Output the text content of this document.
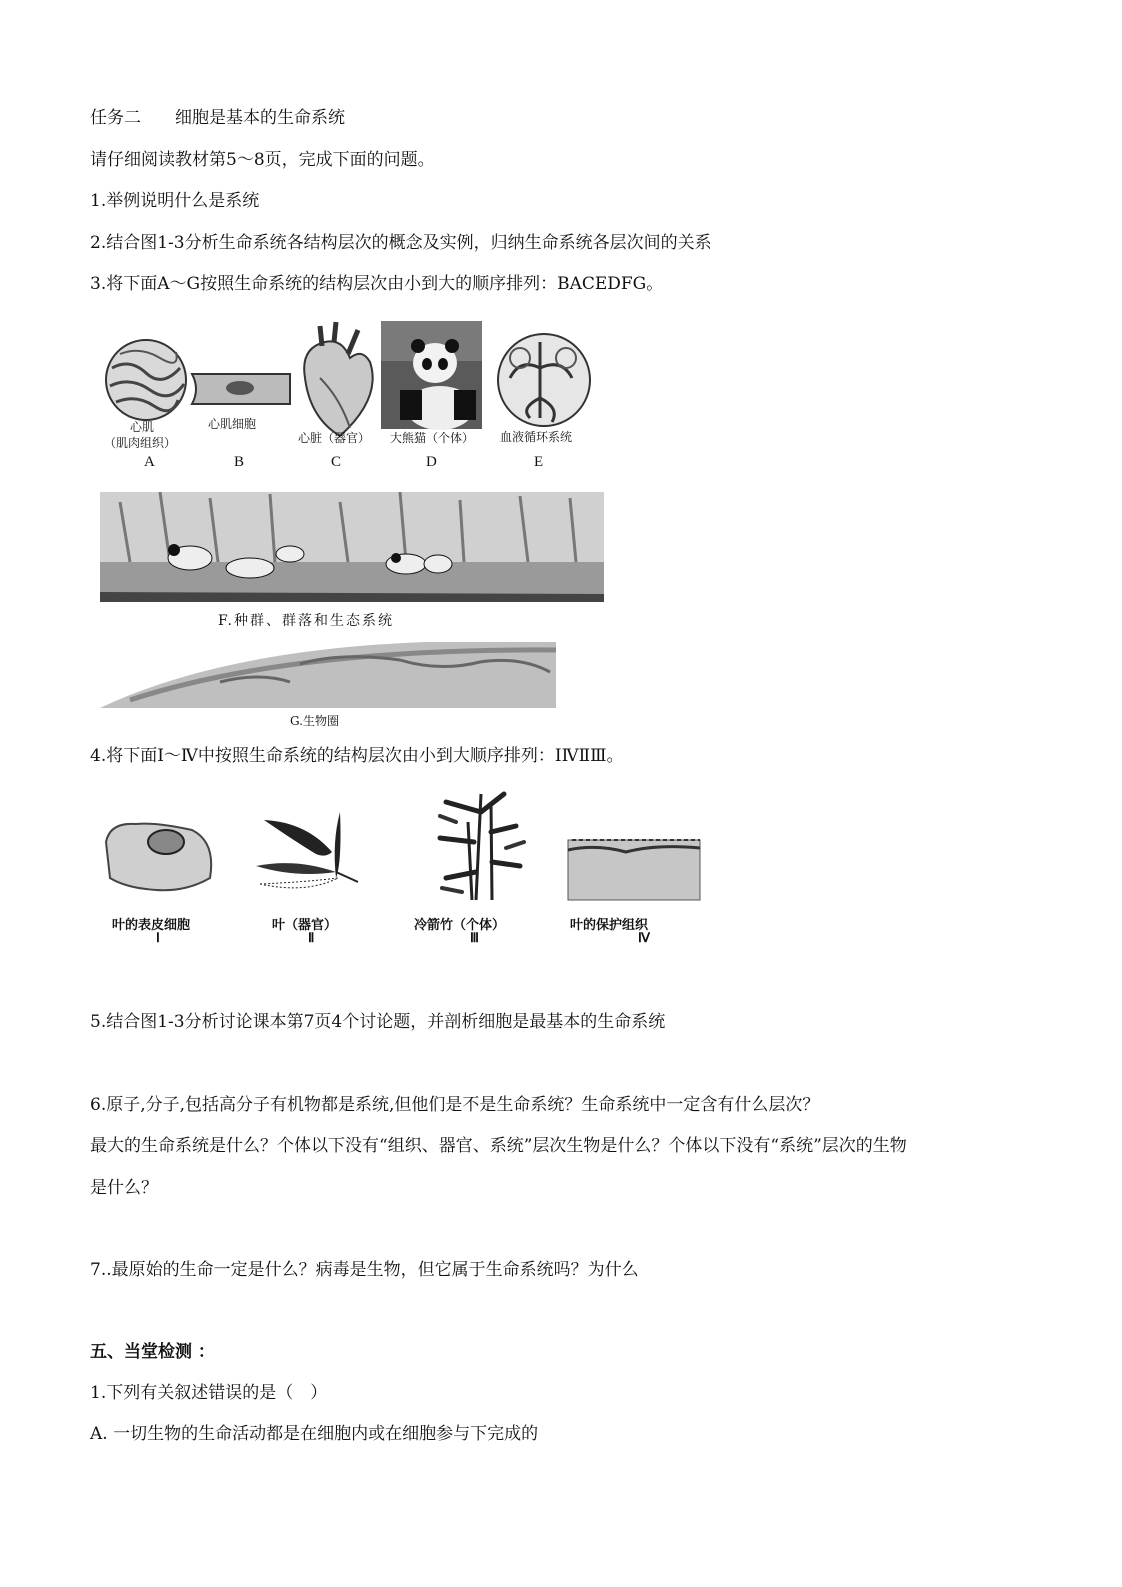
任务二　　细胞是基本的生命系统
请仔细阅读教材第5～8页，完成下面的问题。
1.举例说明什么是系统
2.结合图1-3分析生命系统各结构层次的概念及实例，归纳生命系统各层次间的关系
3.将下面A～G按照生命系统的结构层次由小到大的顺序排列：BACEDFG。
心肌
（肌肉组织）
心肌细胞
心脏（器官） 大熊猫（个体） 血液循环系统
A	B	C	D	E
F.种群、群落和生态系统
G.生物圈
4.将下面Ⅰ～Ⅳ中按照生命系统的结构层次由小到大顺序排列：ⅠⅣⅡⅢ。
叶的表皮细胞	叶（器官）	冷箭竹（个体）	叶的保护组织
Ⅰ	Ⅱ	Ⅲ	Ⅳ
5.结合图1-3分析讨论课本第7页4个讨论题，并剖析细胞是最基本的生命系统
6.原子,分子,包括高分子有机物都是系统,但他们是不是生命系统？生命系统中一定含有什么层次？
最大的生命系统是什么？个体以下没有“组织、器官、系统”层次生物是什么？个体以下没有“系统”层次的生物
是什么？
7..最原始的生命一定是什么？病毒是生物，但它属于生命系统吗？为什么
五、当堂检测 ：
1.下列有关叙述错误的是（　）
A. 一切生物的生命活动都是在细胞内或在细胞参与下完成的
